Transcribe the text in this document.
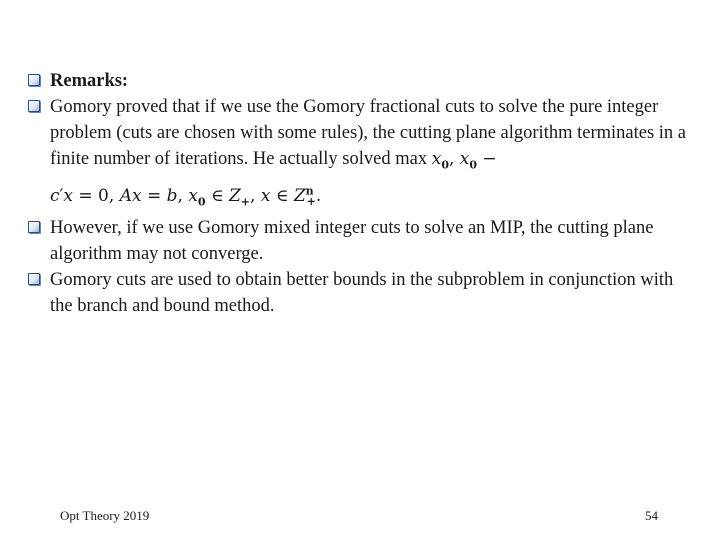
Remarks:
Gomory proved that if we use the Gomory fractional cuts to solve the pure integer problem (cuts are chosen with some rules), the cutting plane algorithm terminates in a finite number of iterations. He actually solved $\max x_0$, $x_0$ −
c′x = 0, Ax = b, $x_0$ ∈ $Z_+$, x ∈ $Z^n_+$.
However, if we use Gomory mixed integer cuts to solve an MIP, the cutting plane algorithm may not converge.
Gomory cuts are used to obtain better bounds in the subproblem in conjunction with the branch and bound method.
Opt Theory 2019	54
